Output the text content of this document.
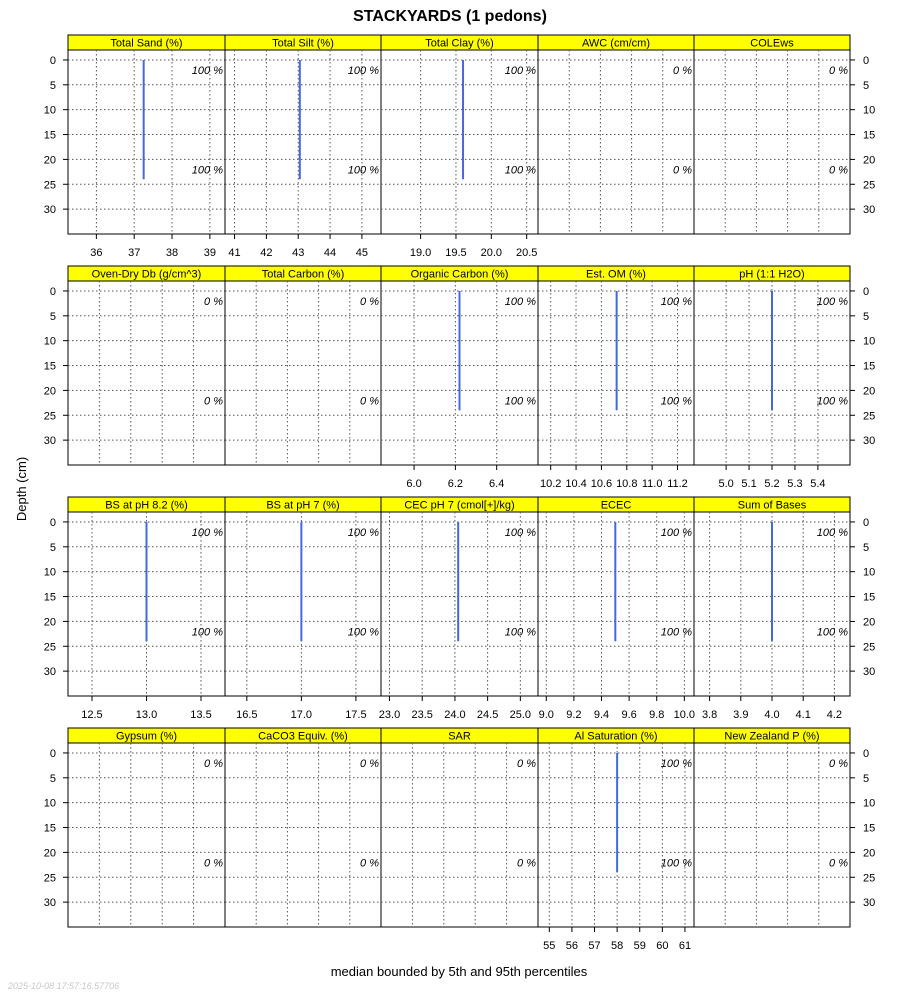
STACKYARDS (1 pedons)
Depth (cm)
median bounded by 5th and 95th percentiles
2025-10-08 17:57:16.57706
Total Sand (%)
36 37 38 39
100 %
100 %
Total Silt (%)
41 42 43 44 45
100 %
100 %
Total Clay (%)
19.0 19.5 20.0 20.5
100 %
100 %
AWC (cm/cm)
0 %
0 %
COLEws
0 %
0 %
Oven-Dry Db (g/cm^3)
0 %
0 %
Total Carbon (%)
0 %
0 %
Organic Carbon (%)
6.0 6.2 6.4
100 %
100 %
Est. OM (%)
10.2 10.4 10.6 10.8 11.0 11.2
100 %
100 %
pH (1:1 H2O)
5.0 5.1 5.2 5.3 5.4
100 %
100 %
BS at pH 8.2 (%)
12.5	13.0	13.5
100 %
100 %
BS at pH 7 (%)
16.5	17.0	17.5
100 %
100 %
CEC pH 7 (cmol[+]/kg)
23.0 23.5 24.0 24.5 25.0
100 %
100 %
ECEC
9.0 9.2 9.4 9.6 9.8 10.0
100 %
100 %
Sum of Bases
3.8 3.9 4.0 4.1 4.2
100 %
100 %
Gypsum (%)
0 %
0 %
CaCO3 Equiv. (%)
0 %
0 %
SAR
0 %
0 %
Al Saturation (%)
55 56 57 58 59 60 61
100 %
100 %
New Zealand P (%)
0 %
0 %
0	0
5	5
10	10
15	15
20	20
25	25
30	30
0	0
5	5
10	10
15	15
20	20
25	25
30	30
0	0
5	5
10	10
15	15
20	20
25	25
30	30
0	0
5	5
10	10
15	15
20	20
25	25
30	30
